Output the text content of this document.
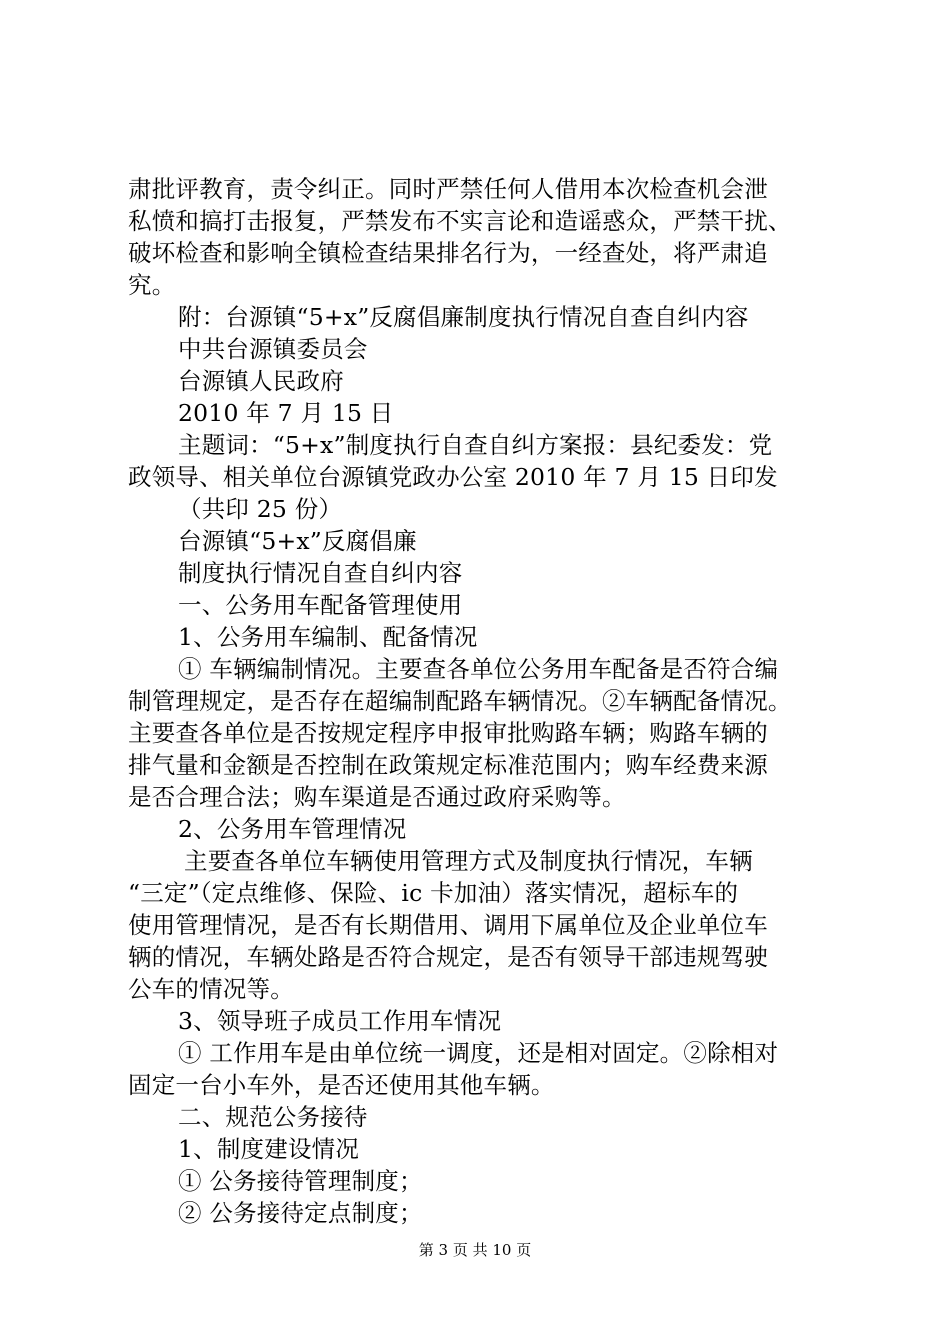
肃批评教育，责令纠正。同时严禁任何人借用本次检查机会泄
私愤和搞打击报复，严禁发布不实言论和造谣惑众，严禁干扰、
破坏检查和影响全镇检查结果排名行为，一经查处，将严肃追
究。
附：台源镇“5+x”反腐倡廉制度执行情况自查自纠内容
中共台源镇委员会
台源镇人民政府
2010 年 7 月 15 日
主题词：“5+x”制度执行自查自纠方案报：县纪委发：党
政领导、相关单位台源镇党政办公室 2010 年 7 月 15 日印发
（共印 25 份）
台源镇“5+x”反腐倡廉
制度执行情况自查自纠内容
一、公务用车配备管理使用
1、公务用车编制、配备情况
① 车辆编制情况。主要查各单位公务用车配备是否符合编
制管理规定，是否存在超编制配路车辆情况。②车辆配备情况。
主要查各单位是否按规定程序申报审批购路车辆；购路车辆的
排气量和金额是否控制在政策规定标准范围内；购车经费来源
是否合理合法；购车渠道是否通过政府采购等。
2、公务用车管理情况
主要查各单位车辆使用管理方式及制度执行情况，车辆
“三定”（定点维修、保险、ic 卡加油）落实情况，超标车的
使用管理情况，是否有长期借用、调用下属单位及企业单位车
辆的情况，车辆处路是否符合规定，是否有领导干部违规驾驶
公车的情况等。
3、领导班子成员工作用车情况
① 工作用车是由单位统一调度，还是相对固定。②除相对
固定一台小车外，是否还使用其他车辆。
二、规范公务接待
1、制度建设情况
① 公务接待管理制度；
② 公务接待定点制度；
第 3 页 共 10 页
